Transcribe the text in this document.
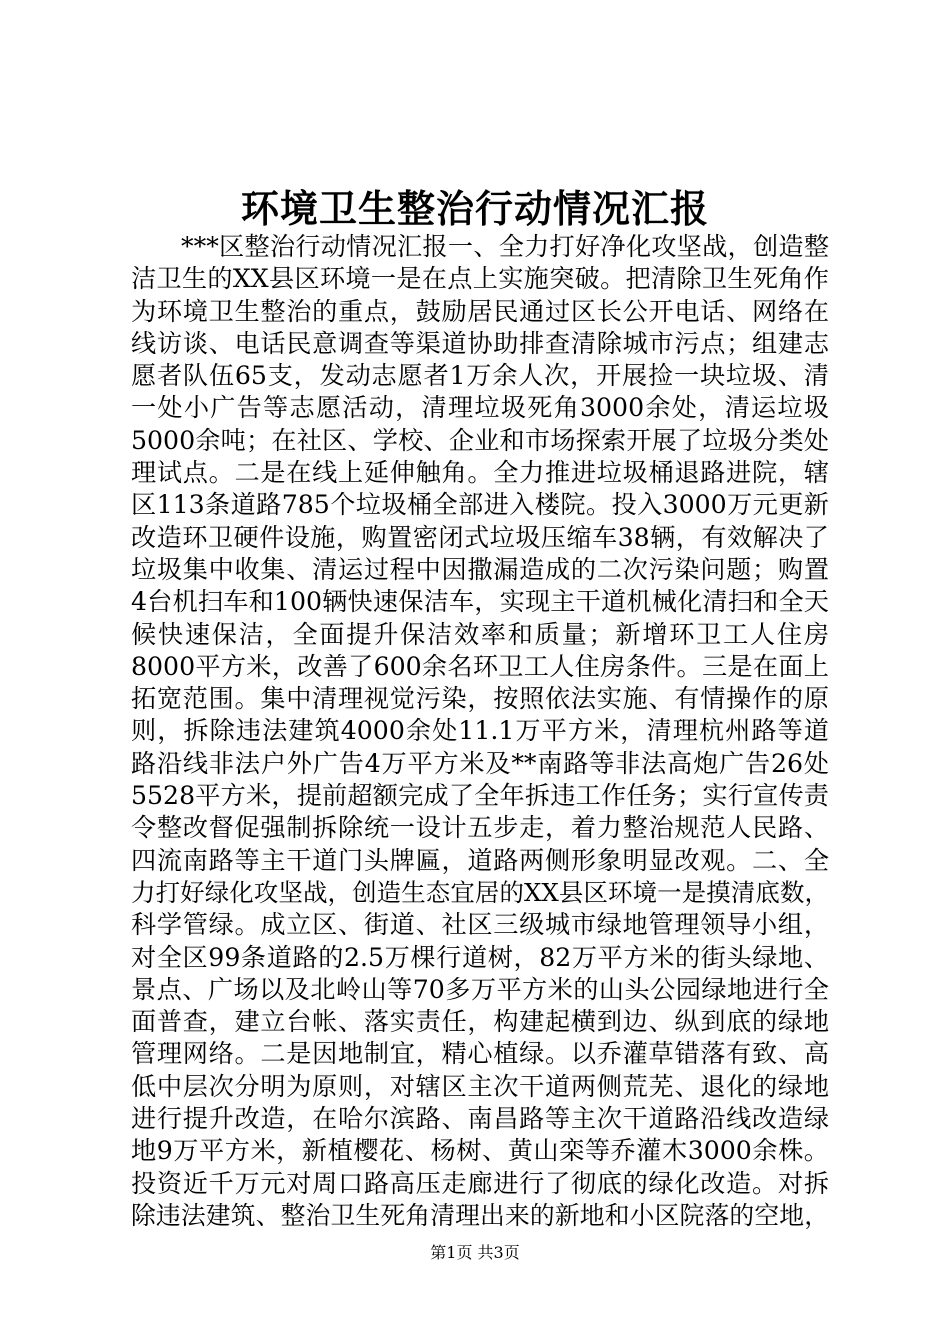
环境卫生整治行动情况汇报
***区整治行动情况汇报一、全力打好净化攻坚战，创造整
洁卫生的XX县区环境一是在点上实施突破。把清除卫生死角作
为环境卫生整治的重点，鼓励居民通过区长公开电话、网络在
线访谈、电话民意调查等渠道协助排查清除城市污点；组建志
愿者队伍65支，发动志愿者1万余人次，开展捡一块垃圾、清
一处小广告等志愿活动，清理垃圾死角3000余处，清运垃圾
5000余吨；在社区、学校、企业和市场探索开展了垃圾分类处
理试点。二是在线上延伸触角。全力推进垃圾桶退路进院，辖
区113条道路785个垃圾桶全部进入楼院。投入3000万元更新
改造环卫硬件设施，购置密闭式垃圾压缩车38辆，有效解决了
垃圾集中收集、清运过程中因撒漏造成的二次污染问题；购置
4台机扫车和100辆快速保洁车，实现主干道机械化清扫和全天
候快速保洁，全面提升保洁效率和质量；新增环卫工人住房
8000平方米，改善了600余名环卫工人住房条件。三是在面上
拓宽范围。集中清理视觉污染，按照依法实施、有情操作的原
则，拆除违法建筑4000余处11.1万平方米，清理杭州路等道
路沿线非法户外广告4万平方米及**南路等非法高炮广告26处
5528平方米，提前超额完成了全年拆违工作任务；实行宣传责
令整改督促强制拆除统一设计五步走，着力整治规范人民路、
四流南路等主干道门头牌匾，道路两侧形象明显改观。二、全
力打好绿化攻坚战，创造生态宜居的XX县区环境一是摸清底数，
科学管绿。成立区、街道、社区三级城市绿地管理领导小组，
对全区99条道路的2.5万棵行道树，82万平方米的街头绿地、
景点、广场以及北岭山等70多万平方米的山头公园绿地进行全
面普查，建立台帐、落实责任，构建起横到边、纵到底的绿地
管理网络。二是因地制宜，精心植绿。以乔灌草错落有致、高
低中层次分明为原则，对辖区主次干道两侧荒芜、退化的绿地
进行提升改造，在哈尔滨路、南昌路等主次干道路沿线改造绿
地9万平方米，新植樱花、杨树、黄山栾等乔灌木3000余株。
投资近千万元对周口路高压走廊进行了彻底的绿化改造。对拆
除违法建筑、整治卫生死角清理出来的新地和小区院落的空地，
第1页 共3页
